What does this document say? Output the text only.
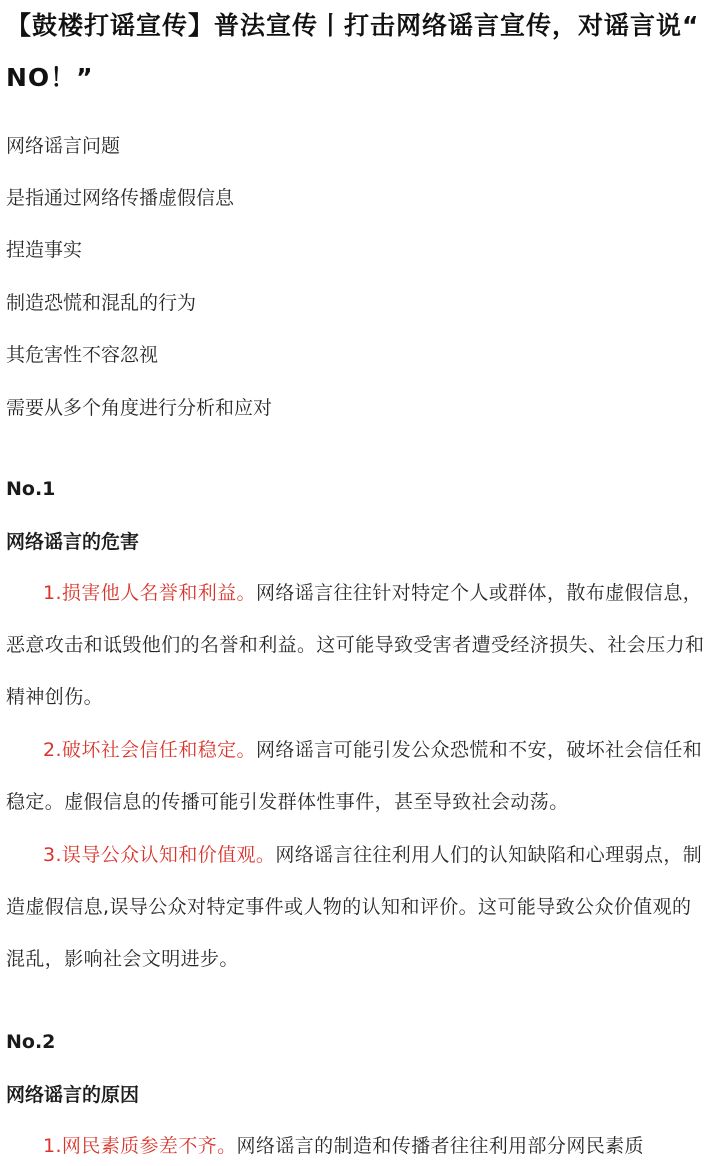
【鼓楼打谣宣传】普法宣传丨打击网络谣言宣传，对谣言说“ NO！”

网络谣言问题

是指通过网络传播虚假信息

捏造事实

制造恐慌和混乱的行为

其危害性不容忽视

需要从多个角度进行分析和应对

No.1

网络谣言的危害

1.损害他人名誉和利益。网络谣言往往针对特定个人或群体，散布虚假信息，恶意攻击和诋毁他们的名誉和利益。这可能导致受害者遭受经济损失、社会压力和精神创伤。

2.破坏社会信任和稳定。网络谣言可能引发公众恐慌和不安，破坏社会信任和稳定。虚假信息的传播可能引发群体性事件，甚至导致社会动荡。

3.误导公众认知和价值观。网络谣言往往利用人们的认知缺陷和心理弱点，制造虚假信息,误导公众对特定事件或人物的认知和评价。这可能导致公众价值观的混乱，影响社会文明进步。

No.2

网络谣言的原因

1.网民素质参差不齐。网络谣言的制造和传播者往往利用部分网民素质
